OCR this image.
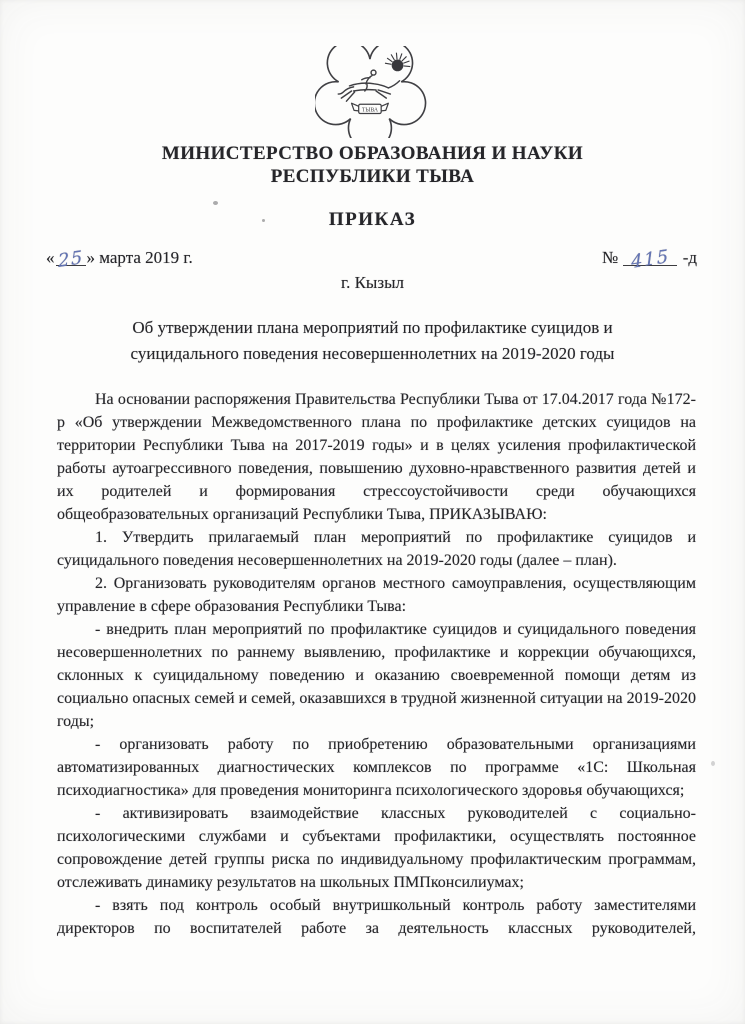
ТЫВА
МИНИСТЕРСТВО ОБРАЗОВАНИЯ И НАУКИ
РЕСПУБЛИКИ ТЫВА
ПРИКАЗ
« 25 » марта 2019 г.	№ 415 -д
г. Кызыл
Об утверждении плана мероприятий по профилактике суицидов и
суицидального поведения несовершеннолетних на 2019-2020 годы

На основании распоряжения Правительства Республики Тыва от 17.04.2017 года №172-р «Об утверждении Межведомственного плана по профилактике детских суицидов на территории Республики Тыва на 2017-2019 годы» и в целях усиления профилактической работы аутоагрессивного поведения, повышению духовно-нравственного развития детей и их родителей и формирования стрессоустойчивости среди обучающихся общеобразовательных организаций Республики Тыва, ПРИКАЗЫВАЮ:

1. Утвердить прилагаемый план мероприятий по профилактике суицидов и суицидального поведения несовершеннолетних на 2019-2020 годы (далее – план).

2. Организовать руководителям органов местного самоуправления, осуществляющим управление в сфере образования Республики Тыва:

- внедрить план мероприятий по профилактике суицидов и суицидального поведения несовершеннолетних по раннему выявлению, профилактике и коррекции обучающихся, склонных к суицидальному поведению и оказанию своевременной помощи детям из социально опасных семей и семей, оказавшихся в трудной жизненной ситуации на 2019-2020 годы;

- организовать работу по приобретению образовательными организациями автоматизированных диагностических комплексов по программе «1С: Школьная психодиагностика» для проведения мониторинга психологического здоровья обучающихся;

- активизировать взаимодействие классных руководителей с социально-психологическими службами и субъектами профилактики, осуществлять постоянное сопровождение детей группы риска по индивидуальному профилактическим программам, отслеживать динамику результатов на школьных ПМПконсилиумах;

- взять под контроль особый внутришкольный контроль работу заместителями директоров по воспитателей работе за деятельность классных руководителей,
